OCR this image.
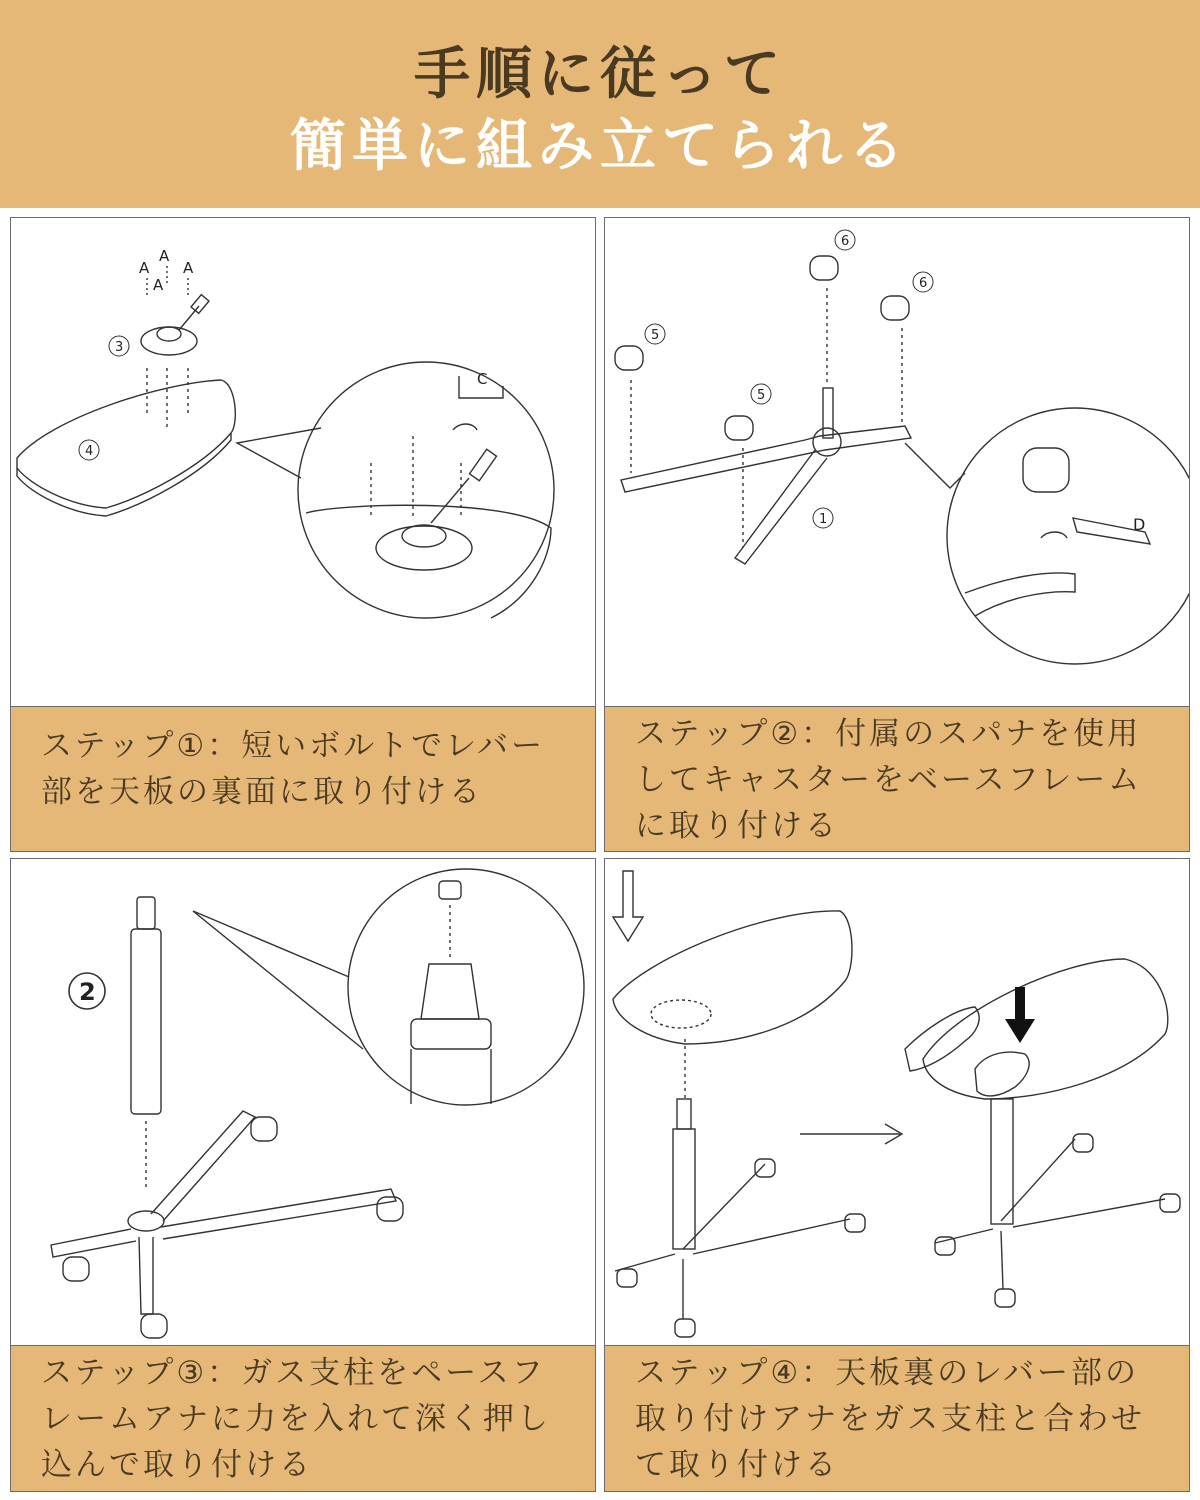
手順に従って
簡単に組み立てられる
A
A
A
A
C
3
4
ステップ①：短いボルトでレバー部を天板の裏面に取り付ける
D
1
6
6
5
5
ステップ②：付属のスパナを使用してキャスターをベースフレームに取り付ける
2
ステップ③：ガス支柱をペースフレームアナに力を入れて深く押し込んで取り付ける
ステップ④：天板裏のレバー部の取り付けアナをガス支柱と合わせて取り付ける
